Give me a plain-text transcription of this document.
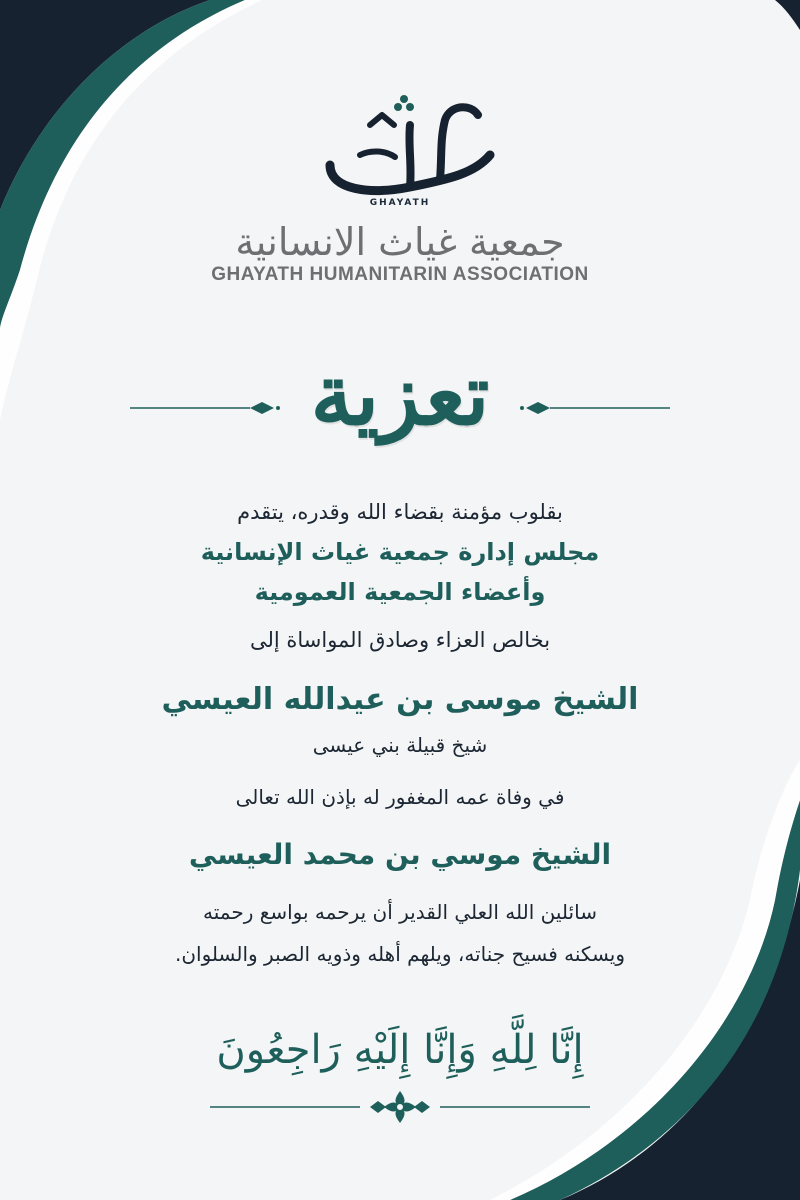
GHAYATH
جمعية غياث الانسانية
GHAYATH HUMANITARIN ASSOCIATION
تعزية
بقلوب مؤمنة بقضاء الله وقدره، يتقدم
مجلس إدارة جمعية غياث الإنسانية
وأعضاء الجمعية العمومية
بخالص العزاء وصادق المواساة إلى
الشيخ موسى بن عيدالله العيسي
شيخ قبيلة بني عيسى
في وفاة عمه المغفور له بإذن الله تعالى
الشيخ موسي بن محمد العيسي
سائلين الله العلي القدير أن يرحمه بواسع رحمته
ويسكنه فسيح جناته، ويلهم أهله وذويه الصبر والسلوان.
إِنَّا لِلَّهِ وَإِنَّا إِلَيْهِ رَاجِعُونَ
